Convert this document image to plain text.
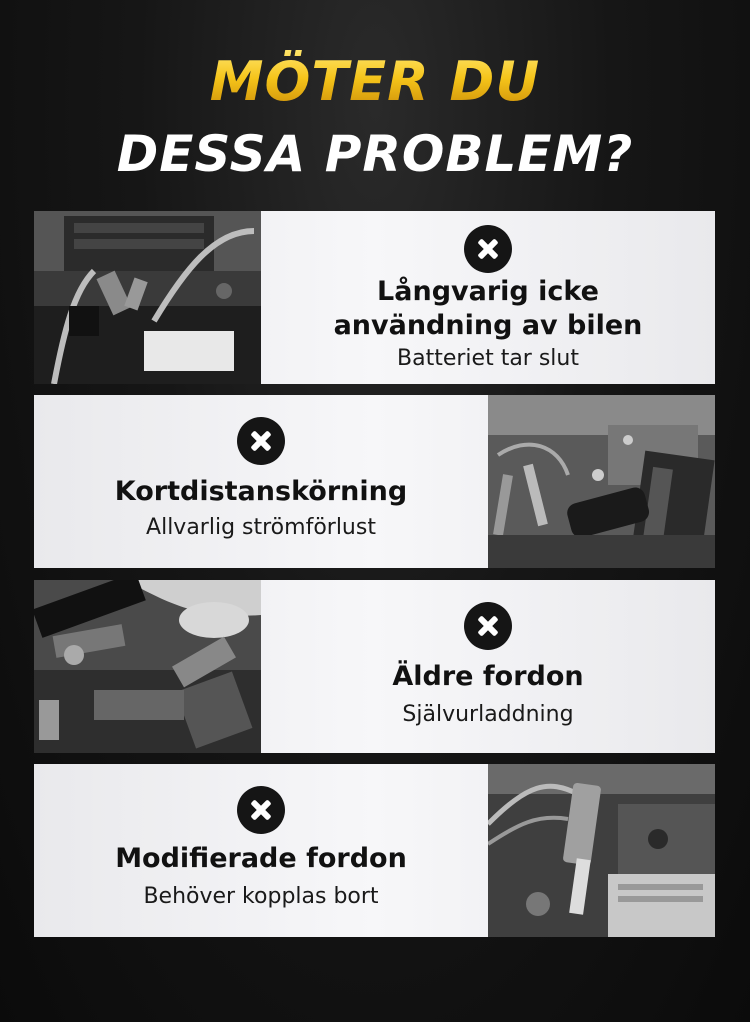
MÖTER DU
DESSA PROBLEM?
Långvarig icke
användning av bilen
Batteriet tar slut
Kortdistanskörning
Allvarlig strömförlust
Äldre fordon
Självurladdning
Modifierade fordon
Behöver kopplas bort
